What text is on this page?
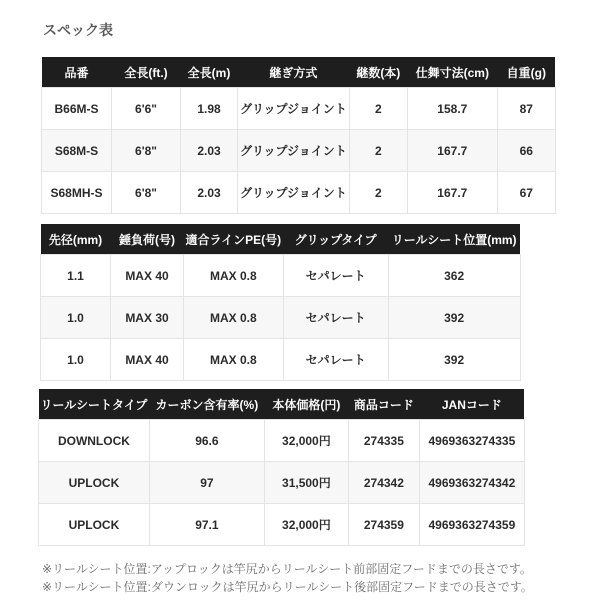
スペック表
品番	全長(ft.)	全長(m)	継ぎ方式	継数(本)	仕舞寸法(cm)	自重(g)
B66M-S	6'6"	1.98	グリップジョイント	2	158.7	87
S68M-S	6'8"	2.03	グリップジョイント	2	167.7	66
S68MH-S	6'8"	2.03	グリップジョイント	2	167.7	67
先径(mm)	錘負荷(号)	適合ラインPE(号)	グリップタイプ	リールシート位置(mm)
1.1	MAX 40	MAX 0.8	セパレート	362
1.0	MAX 30	MAX 0.8	セパレート	392
1.0	MAX 40	MAX 0.8	セパレート	392
リールシートタイプ	カーボン含有率(%)	本体価格(円)	商品コード	JANコード
DOWNLOCK	96.6	32,000円	274335	4969363274335
UPLOCK	97	31,500円	274342	4969363274342
UPLOCK	97.1	32,000円	274359	4969363274359
※リールシート位置:アップロックは竿尻からリールシート前部固定フードまでの長さです。
※リールシート位置:ダウンロックは竿尻からリールシート後部固定フードまでの長さです。
